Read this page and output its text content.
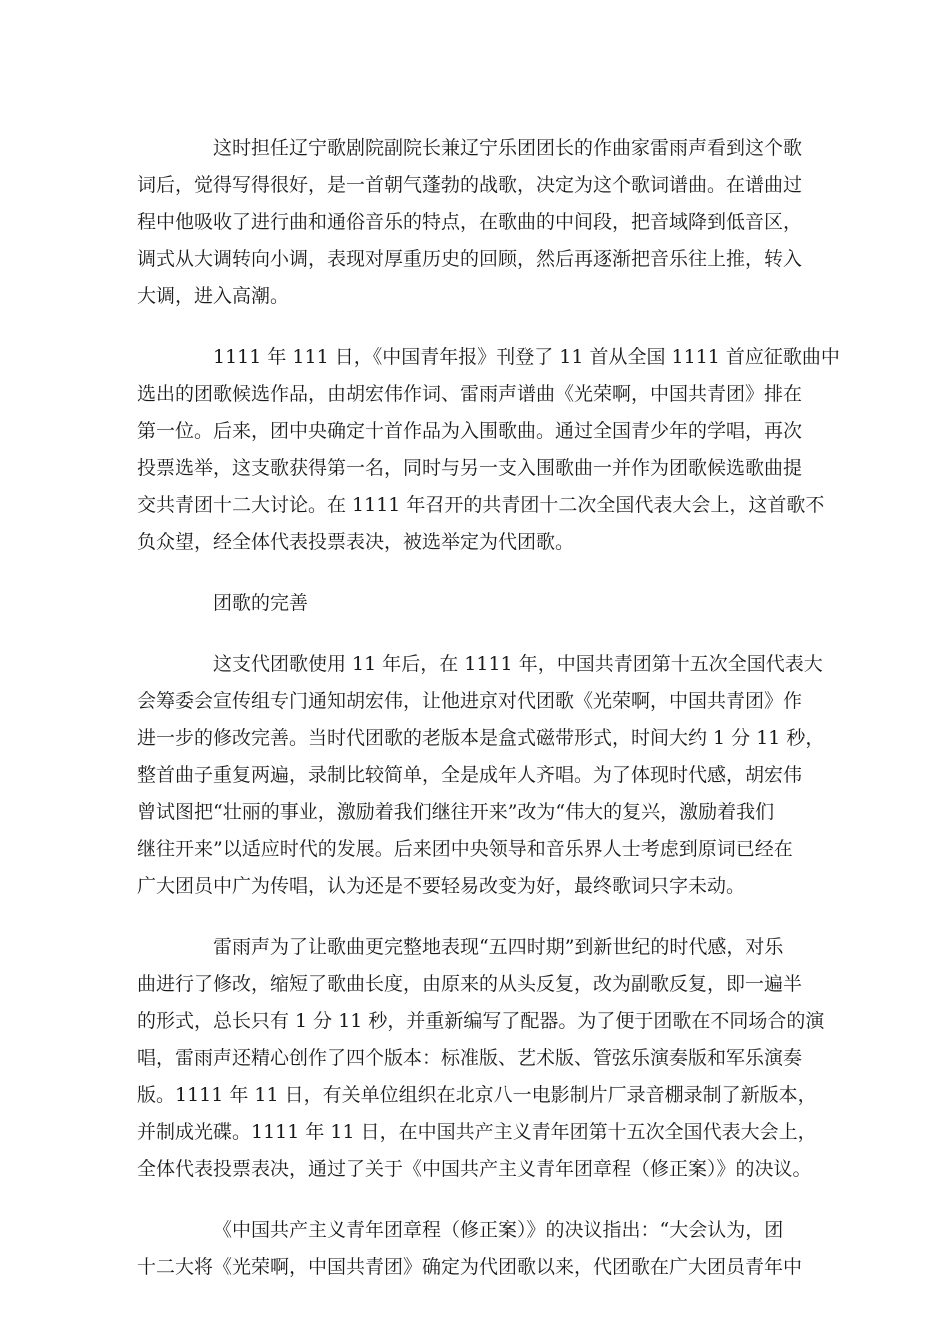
这时担任辽宁歌剧院副院长兼辽宁乐团团长的作曲家雷雨声看到这个歌
词后，觉得写得很好，是一首朝气蓬勃的战歌，决定为这个歌词谱曲。在谱曲过
程中他吸收了进行曲和通俗音乐的特点，在歌曲的中间段，把音域降到低音区，
调式从大调转向小调，表现对厚重历史的回顾，然后再逐渐把音乐往上推，转入
大调，进入高潮。
1111 年 111 日，《中国青年报》刊登了 11 首从全国 1111 首应征歌曲中
选出的团歌候选作品，由胡宏伟作词、雷雨声谱曲《光荣啊，中国共青团》排在
第一位。后来，团中央确定十首作品为入围歌曲。通过全国青少年的学唱，再次
投票选举，这支歌获得第一名，同时与另一支入围歌曲一并作为团歌候选歌曲提
交共青团十二大讨论。在 1111 年召开的共青团十二次全国代表大会上，这首歌不
负众望，经全体代表投票表决，被选举定为代团歌。
团歌的完善
这支代团歌使用 11 年后，在 1111 年，中国共青团第十五次全国代表大
会筹委会宣传组专门通知胡宏伟，让他进京对代团歌《光荣啊，中国共青团》作
进一步的修改完善。当时代团歌的老版本是盒式磁带形式，时间大约 1 分 11 秒，
整首曲子重复两遍，录制比较简单，全是成年人齐唱。为了体现时代感，胡宏伟
曾试图把“壮丽的事业，激励着我们继往开来”改为“伟大的复兴，激励着我们
继往开来”以适应时代的发展。后来团中央领导和音乐界人士考虑到原词已经在
广大团员中广为传唱，认为还是不要轻易改变为好，最终歌词只字未动。
雷雨声为了让歌曲更完整地表现“五四时期”到新世纪的时代感，对乐
曲进行了修改，缩短了歌曲长度，由原来的从头反复，改为副歌反复，即一遍半
的形式，总长只有 1 分 11 秒，并重新编写了配器。为了便于团歌在不同场合的演
唱，雷雨声还精心创作了四个版本：标准版、艺术版、管弦乐演奏版和军乐演奏
版。1111 年 11 日，有关单位组织在北京八一电影制片厂录音棚录制了新版本，
并制成光碟。1111 年 11 日，在中国共产主义青年团第十五次全国代表大会上，
全体代表投票表决，通过了关于《中国共产主义青年团章程（修正案）》的决议。
《中国共产主义青年团章程（修正案）》的决议指出：“大会认为，团
十二大将《光荣啊，中国共青团》确定为代团歌以来，代团歌在广大团员青年中
